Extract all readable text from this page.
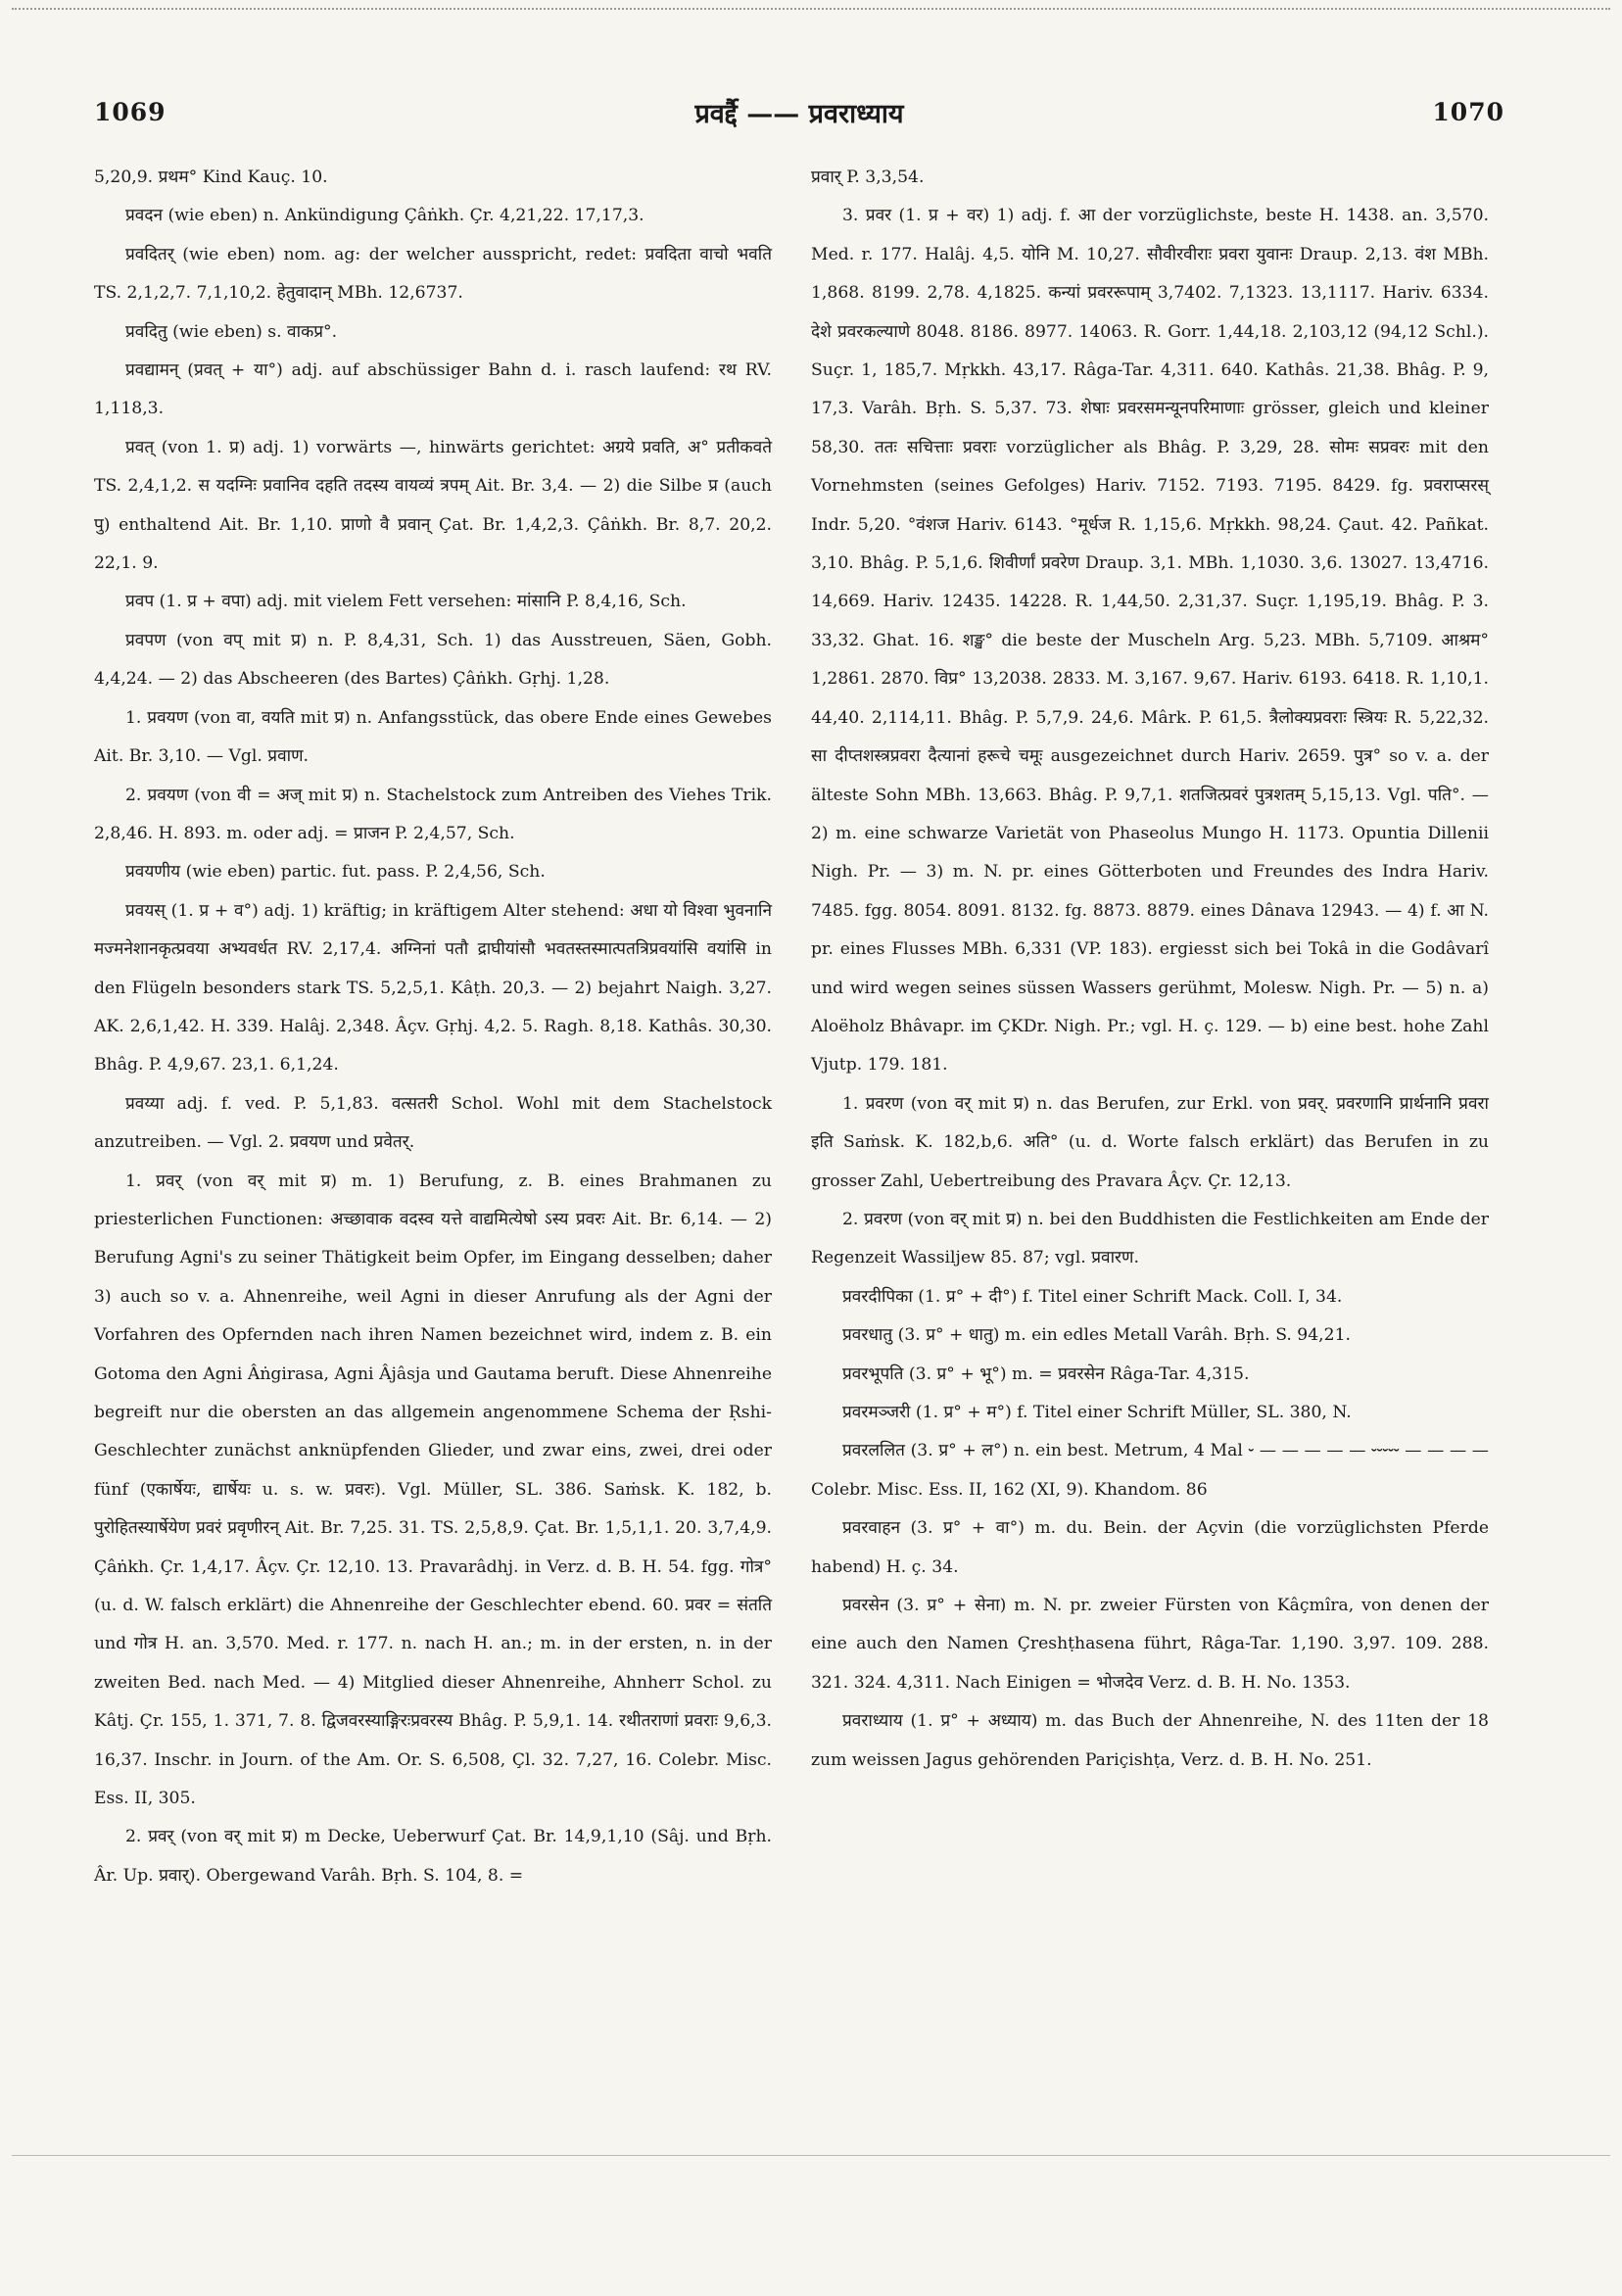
1069	प्रवर्द्दै —— प्रवराध्याय	1070

5,20,9. प्रथम° Kind Kauç. 10.

प्रवदन (wie eben) n. Ankündigung Çâṅkh. Çr. 4,21,22. 17,17,3.

प्रवदितर् (wie eben) nom. ag: der welcher ausspricht, redet: प्रवदिता वाचो भवति TS. 2,1,2,7. 7,1,10,2. हेतुवादान् MBh. 12,6737.

प्रवदितु (wie eben) s. वाकप्र°.

प्रवद्यामन् (प्रवत् + या°) adj. auf abschüssiger Bahn d. i. rasch laufend: रथ RV. 1,118,3.

प्रवत् (von 1. प्र) adj. 1) vorwärts —, hinwärts gerichtet: अग्रये प्रवति, अ° प्रतीकवते TS. 2,4,1,2. स यदग्निः प्रवानिव दहति तदस्य वायव्यं त्रपम् Ait. Br. 3,4. — 2) die Silbe प्र (auch पु) enthaltend Ait. Br. 1,10. प्राणो वै प्रवान् Çat. Br. 1,4,2,3. Çâṅkh. Br. 8,7. 20,2. 22,1. 9.

प्रवप (1. प्र + वपा) adj. mit vielem Fett versehen: मांसानि P. 8,4,16, Sch.

प्रवपण (von वप् mit प्र) n. P. 8,4,31, Sch. 1) das Ausstreuen, Säen, Gobh. 4,4,24. — 2) das Abscheeren (des Bartes) Çâṅkh. Gṛhj. 1,28.

1. प्रवयण (von वा, वयति mit प्र) n. Anfangsstück, das obere Ende eines Gewebes Ait. Br. 3,10. — Vgl. प्रवाण.

2. प्रवयण (von वी = अज् mit प्र) n. Stachelstock zum Antreiben des Viehes Trik. 2,8,46. H. 893. m. oder adj. = प्राजन P. 2,4,57, Sch.

प्रवयणीय (wie eben) partic. fut. pass. P. 2,4,56, Sch.

प्रवयस् (1. प्र + व°) adj. 1) kräftig; in kräftigem Alter stehend: अधा यो विश्वा भुवनानि मज्मनेशानकृत्प्रवया अभ्यवर्धत RV. 2,17,4. अग्निनां पतौ द्राघीयांसौ भवतस्तस्मात्पतत्रिप्रवयांसि वयांसि in den Flügeln besonders stark TS. 5,2,5,1. Kâṭh. 20,3. — 2) bejahrt Naigh. 3,27. AK. 2,6,1,42. H. 339. Halâj. 2,348. Âçv. Gṛhj. 4,2. 5. Ragh. 8,18. Kathâs. 30,30. Bhâg. P. 4,9,67. 23,1. 6,1,24.

प्रवय्या adj. f. ved. P. 5,1,83. वत्सतरी Schol. Wohl mit dem Stachelstock anzutreiben. — Vgl. 2. प्रवयण und प्रवेतर्.

1. प्रवर् (von वर् mit प्र) m. 1) Berufung, z. B. eines Brahmanen zu priesterlichen Functionen: अच्छावाक वदस्व यत्ते वाद्यमित्येषो ऽस्य प्रवरः Ait. Br. 6,14. — 2) Berufung Agni's zu seiner Thätigkeit beim Opfer, im Eingang desselben; daher 3) auch so v. a. Ahnenreihe, weil Agni in dieser Anrufung als der Agni der Vorfahren des Opfernden nach ihren Namen bezeichnet wird, indem z. B. ein Gotoma den Agni Âṅgirasa, Agni Âjâsja und Gautama beruft. Diese Ahnenreihe begreift nur die obersten an das allgemein angenommene Schema der Ṛshi-Geschlechter zunächst anknüpfenden Glieder, und zwar eins, zwei, drei oder fünf (एकार्षेयः, द्यार्षेयः u. s. w. प्रवरः). Vgl. Müller, SL. 386. Saṁsk. K. 182, b. पुरोहितस्यार्षेयेण प्रवरं प्रवृणीरन् Ait. Br. 7,25. 31. TS. 2,5,8,9. Çat. Br. 1,5,1,1. 20. 3,7,4,9. Çâṅkh. Çr. 1,4,17. Âçv. Çr. 12,10. 13. Pravarâdhj. in Verz. d. B. H. 54. fgg. गोत्र° (u. d. W. falsch erklärt) die Ahnenreihe der Geschlechter ebend. 60. प्रवर = संतति und गोत्र H. an. 3,570. Med. r. 177. n. nach H. an.; m. in der ersten, n. in der zweiten Bed. nach Med. — 4) Mitglied dieser Ahnenreihe, Ahnherr Schol. zu Kâtj. Çr. 155, 1. 371, 7. 8. द्विजवरस्याङ्गिरःप्रवरस्य Bhâg. P. 5,9,1. 14. रथीतराणां प्रवराः 9,6,3. 16,37. Inschr. in Journ. of the Am. Or. S. 6,508, Çl. 32. 7,27, 16. Colebr. Misc. Ess. II, 305.

2. प्रवर् (von वर् mit प्र) m Decke, Ueberwurf Çat. Br. 14,9,1,10 (Sâj. und Bṛh. Âr. Up. प्रवार्). Obergewand Varâh. Bṛh. S. 104, 8. =

प्रवार् P. 3,3,54.

3. प्रवर (1. प्र + वर) 1) adj. f. आ der vorzüglichste, beste H. 1438. an. 3,570. Med. r. 177. Halâj. 4,5. योनि M. 10,27. सौवीरवीराः प्रवरा युवानः Draup. 2,13. वंश MBh. 1,868. 8199. 2,78. 4,1825. कन्यां प्रवररूपाम् 3,7402. 7,1323. 13,1117. Hariv. 6334. देशे प्रवरकल्याणे 8048. 8186. 8977. 14063. R. Gorr. 1,44,18. 2,103,12 (94,12 Schl.). Suçr. 1, 185,7. Mṛkkh. 43,17. Râga-Tar. 4,311. 640. Kathâs. 21,38. Bhâg. P. 9, 17,3. Varâh. Bṛh. S. 5,37. 73. शेषाः प्रवरसमन्यूनपरिमाणाः grösser, gleich und kleiner 58,30. ततः सचित्ताः प्रवराः vorzüglicher als Bhâg. P. 3,29, 28. सोमः सप्रवरः mit den Vornehmsten (seines Gefolges) Hariv. 7152. 7193. 7195. 8429. fg. प्रवराप्सरस् Indr. 5,20. °वंशज Hariv. 6143. °मूर्धज R. 1,15,6. Mṛkkh. 98,24. Çaut. 42. Pañkat. 3,10. Bhâg. P. 5,1,6. शिवीर्णां प्रवरेण Draup. 3,1. MBh. 1,1030. 3,6. 13027. 13,4716. 14,669. Hariv. 12435. 14228. R. 1,44,50. 2,31,37. Suçr. 1,195,19. Bhâg. P. 3. 33,32. Ghat. 16. शङ्ख° die beste der Muscheln Arg. 5,23. MBh. 5,7109. आश्रम° 1,2861. 2870. विप्र° 13,2038. 2833. M. 3,167. 9,67. Hariv. 6193. 6418. R. 1,10,1. 44,40. 2,114,11. Bhâg. P. 5,7,9. 24,6. Mârk. P. 61,5. त्रैलोक्यप्रवराः स्त्रियः R. 5,22,32. सा दीप्तशस्त्रप्रवरा दैत्यानां हरूचे चमूः ausgezeichnet durch Hariv. 2659. पुत्र° so v. a. der älteste Sohn MBh. 13,663. Bhâg. P. 9,7,1. शतजित्प्रवरं पुत्रशतम् 5,15,13. Vgl. पति°. — 2) m. eine schwarze Varietät von Phaseolus Mungo H. 1173. Opuntia Dillenii Nigh. Pr. — 3) m. N. pr. eines Götterboten und Freundes des Indra Hariv. 7485. fgg. 8054. 8091. 8132. fg. 8873. 8879. eines Dânava 12943. — 4) f. आ N. pr. eines Flusses MBh. 6,331 (VP. 183). ergiesst sich bei Tokâ in die Godâvarî und wird wegen seines süssen Wassers gerühmt, Molesw. Nigh. Pr. — 5) n. a) Aloëholz Bhâvapr. im ÇKDr. Nigh. Pr.; vgl. H. ç. 129. — b) eine best. hohe Zahl Vjutp. 179. 181.

1. प्रवरण (von वर् mit प्र) n. das Berufen, zur Erkl. von प्रवर्. प्रवरणानि प्रार्थनानि प्रवरा इति Saṁsk. K. 182,b,6. अति° (u. d. Worte falsch erklärt) das Berufen in zu grosser Zahl, Uebertreibung des Pravara Âçv. Çr. 12,13.

2. प्रवरण (von वर् mit प्र) n. bei den Buddhisten die Festlichkeiten am Ende der Regenzeit Wassiljew 85. 87; vgl. प्रवारण.

प्रवरदीपिका (1. प्र° + दी°) f. Titel einer Schrift Mack. Coll. I, 34.

प्रवरधातु (3. प्र° + धातु) m. ein edles Metall Varâh. Bṛh. S. 94,21.

प्रवरभूपति (3. प्र° + भू°) m. = प्रवरसेन Râga-Tar. 4,315.

प्रवरमञ्जरी (1. प्र° + म°) f. Titel einer Schrift Müller, SL. 380, N.

प्रवरललित (3. प्र° + ल°) n. ein best. Metrum, 4 Mal ⏑ — — — — — ⏑⏑⏑⏑⏑ — — — — Colebr. Misc. Ess. II, 162 (XI, 9). Khandom. 86

प्रवरवाहन (3. प्र° + वा°) m. du. Bein. der Açvin (die vorzüglichsten Pferde habend) H. ç. 34.

प्रवरसेन (3. प्र° + सेना) m. N. pr. zweier Fürsten von Kâçmîra, von denen der eine auch den Namen Çreshṭhasena führt, Râga-Tar. 1,190. 3,97. 109. 288. 321. 324. 4,311. Nach Einigen = भोजदेव Verz. d. B. H. No. 1353.

प्रवराध्याय (1. प्र° + अध्याय) m. das Buch der Ahnenreihe, N. des 11ten der 18 zum weissen Jagus gehörenden Pariçishṭa, Verz. d. B. H. No. 251.
